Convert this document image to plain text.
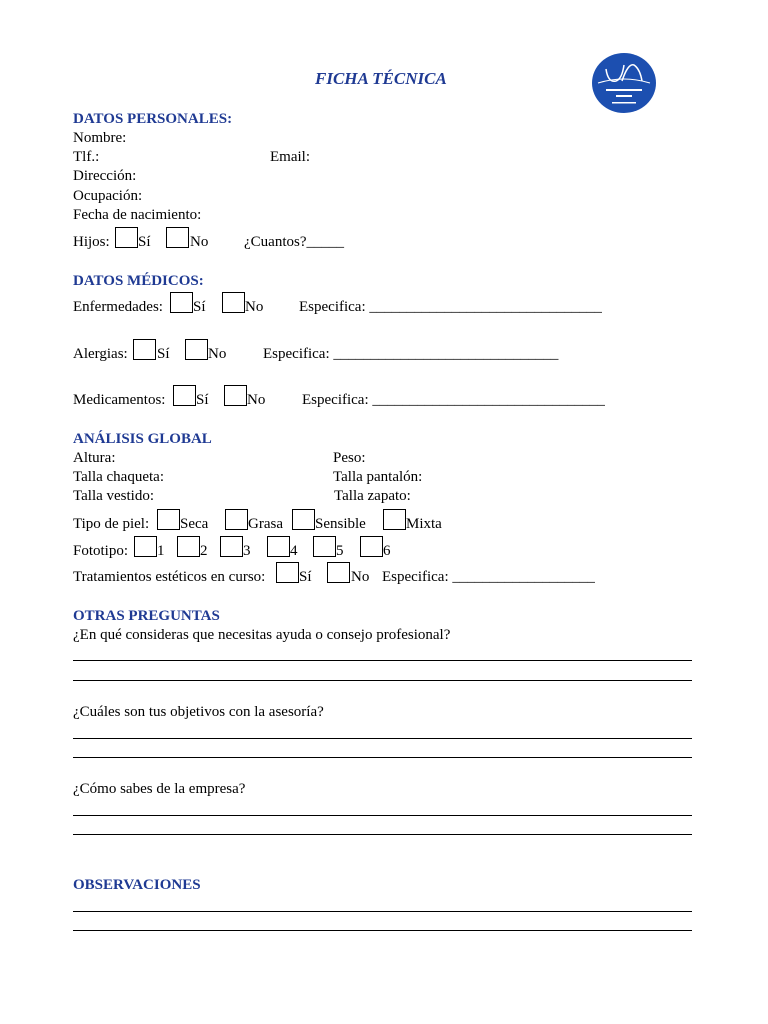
FICHA TÉCNICA
DATOS PERSONALES:
Nombre:
Tlf.:	Email:
Dirección:
Ocupación:
Fecha de nacimiento:
Hijos: Sí	No ¿Cuantos?_____
DATOS MÉDICOS:
Enfermedades: Sí	No Especifica: _______________________________
Alergias: Sí	No Especifica: ______________________________
Medicamentos: Sí	No Especifica: _______________________________
ANÁLISIS GLOBAL
Altura:	Peso:
Talla chaqueta:	Talla pantalón:
Talla vestido:	Talla zapato:
Tipo de piel: Seca	Grasa Sensible	Mixta
Fototipo: 1 2 3	4	5	6
Tratamientos estéticos en curso: Sí	No Especifica: ___________________
OTRAS PREGUNTAS
¿En qué consideras que necesitas ayuda o consejo profesional?
¿Cuáles son tus objetivos con la asesoría?
¿Cómo sabes de la empresa?
OBSERVACIONES
